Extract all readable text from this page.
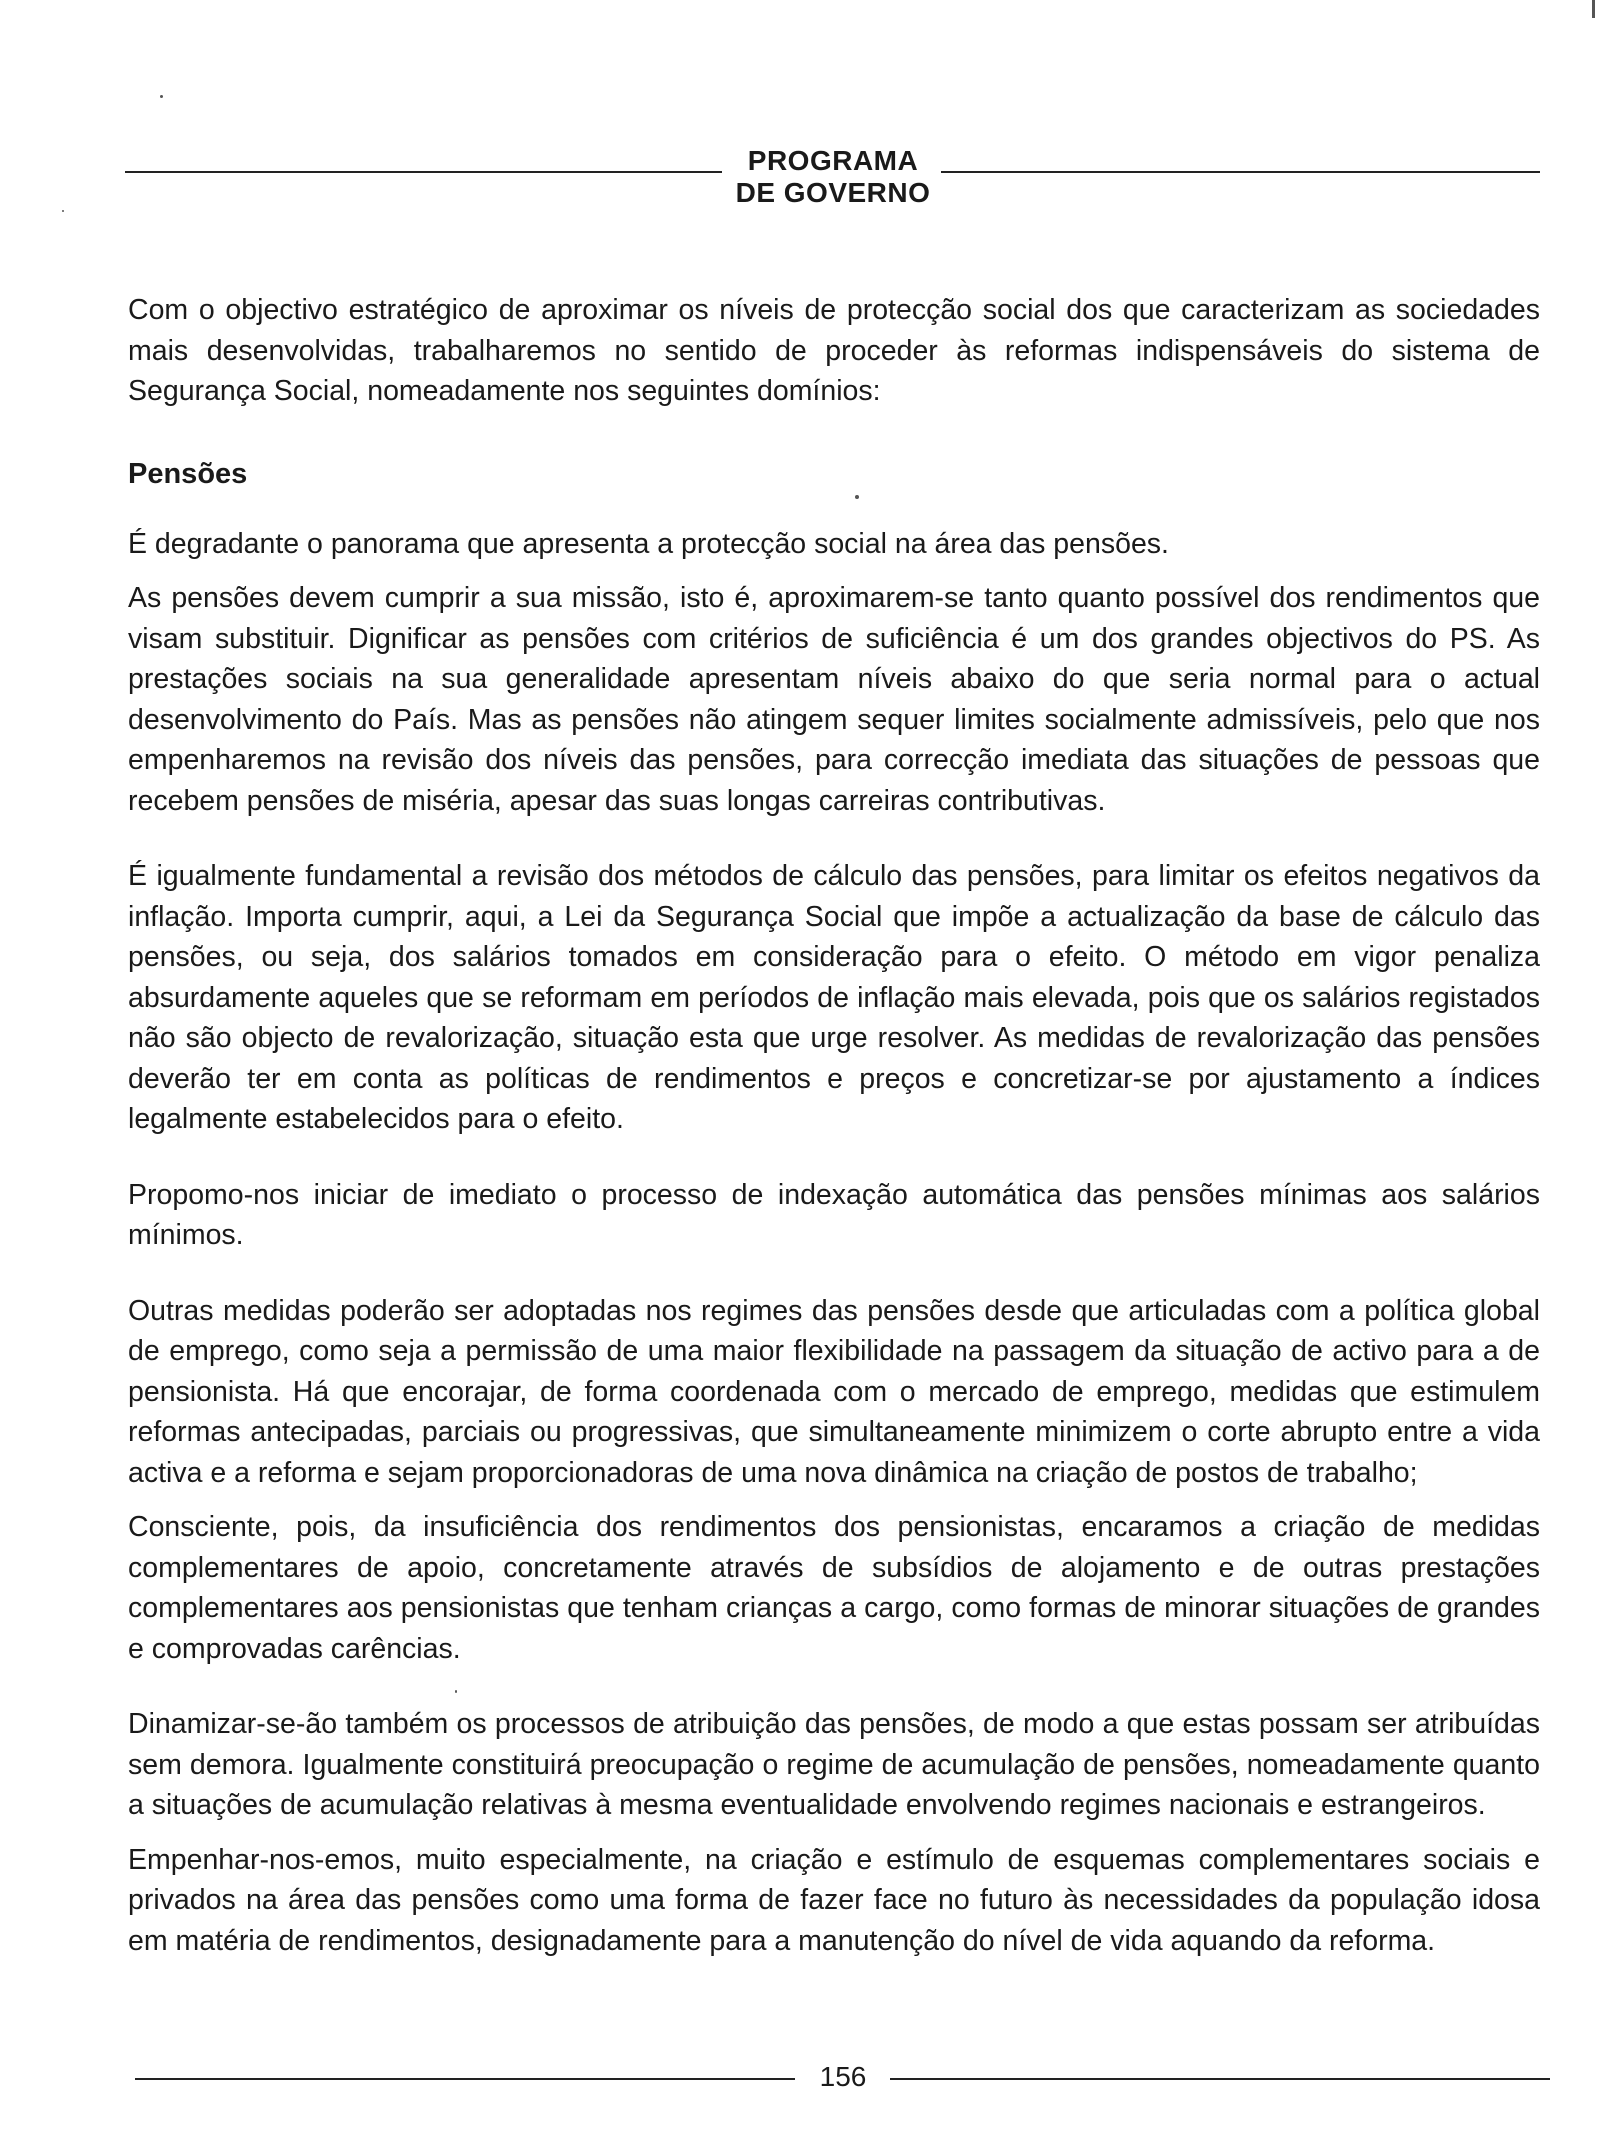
PROGRAMA
DE GOVERNO

Com o objectivo estratégico de aproximar os níveis de protecção social dos que caracterizam as sociedades mais desenvolvidas, trabalharemos no sentido de proceder às reformas indispensáveis do sistema de Segurança Social, nomeadamente nos seguintes domínios:

Pensões

É degradante o panorama que apresenta a protecção social na área das pensões.

As pensões devem cumprir a sua missão, isto é, aproximarem-se tanto quanto possível dos rendimentos que visam substituir. Dignificar as pensões com critérios de suficiência é um dos grandes objectivos do PS. As prestações sociais na sua generalidade apresentam níveis abaixo do que seria normal para o actual desenvolvimento do País. Mas as pensões não atingem sequer limites socialmente admissíveis, pelo que nos empenharemos na revisão dos níveis das pensões, para correcção imediata das situações de pessoas que recebem pensões de miséria, apesar das suas longas carreiras contributivas.

É igualmente fundamental a revisão dos métodos de cálculo das pensões, para limitar os efeitos negativos da inflação. Importa cumprir, aqui, a Lei da Segurança Social que impõe a actualização da base de cálculo das pensões, ou seja, dos salários tomados em consideração para o efeito. O método em vigor penaliza absurdamente aqueles que se reformam em períodos de inflação mais elevada, pois que os salários registados não são objecto de revalorização, situação esta que urge resolver. As medidas de revalorização das pensões deverão ter em conta as políticas de rendimentos e preços e concretizar-se por ajustamento a índices legalmente estabelecidos para o efeito.

Propomo-nos iniciar de imediato o processo de indexação automática das pensões mínimas aos salários mínimos.

Outras medidas poderão ser adoptadas nos regimes das pensões desde que articuladas com a política global de emprego, como seja a permissão de uma maior flexibilidade na passagem da situação de activo para a de pensionista. Há que encorajar, de forma coordenada com o mercado de emprego, medidas que estimulem reformas antecipadas, parciais ou progressivas, que simultaneamente minimizem o corte abrupto entre a vida activa e a reforma e sejam proporcionadoras de uma nova dinâmica na criação de postos de trabalho;

Consciente, pois, da insuficiência dos rendimentos dos pensionistas, encaramos a criação de medidas complementares de apoio, concretamente através de subsídios de alojamento e de outras prestações complementares aos pensionistas que tenham crianças a cargo, como formas de minorar situações de grandes e comprovadas carências.

Dinamizar-se-ão também os processos de atribuição das pensões, de modo a que estas possam ser atribuídas sem demora. Igualmente constituirá preocupação o regime de acumulação de pensões, nomeadamente quanto a situações de acumulação relativas à mesma eventualidade envolvendo regimes nacionais e estrangeiros.

Empenhar-nos-emos, muito especialmente, na criação e estímulo de esquemas complementares sociais e privados na área das pensões como uma forma de fazer face no futuro às necessidades da população idosa em matéria de rendimentos, designadamente para a manutenção do nível de vida aquando da reforma.

156
